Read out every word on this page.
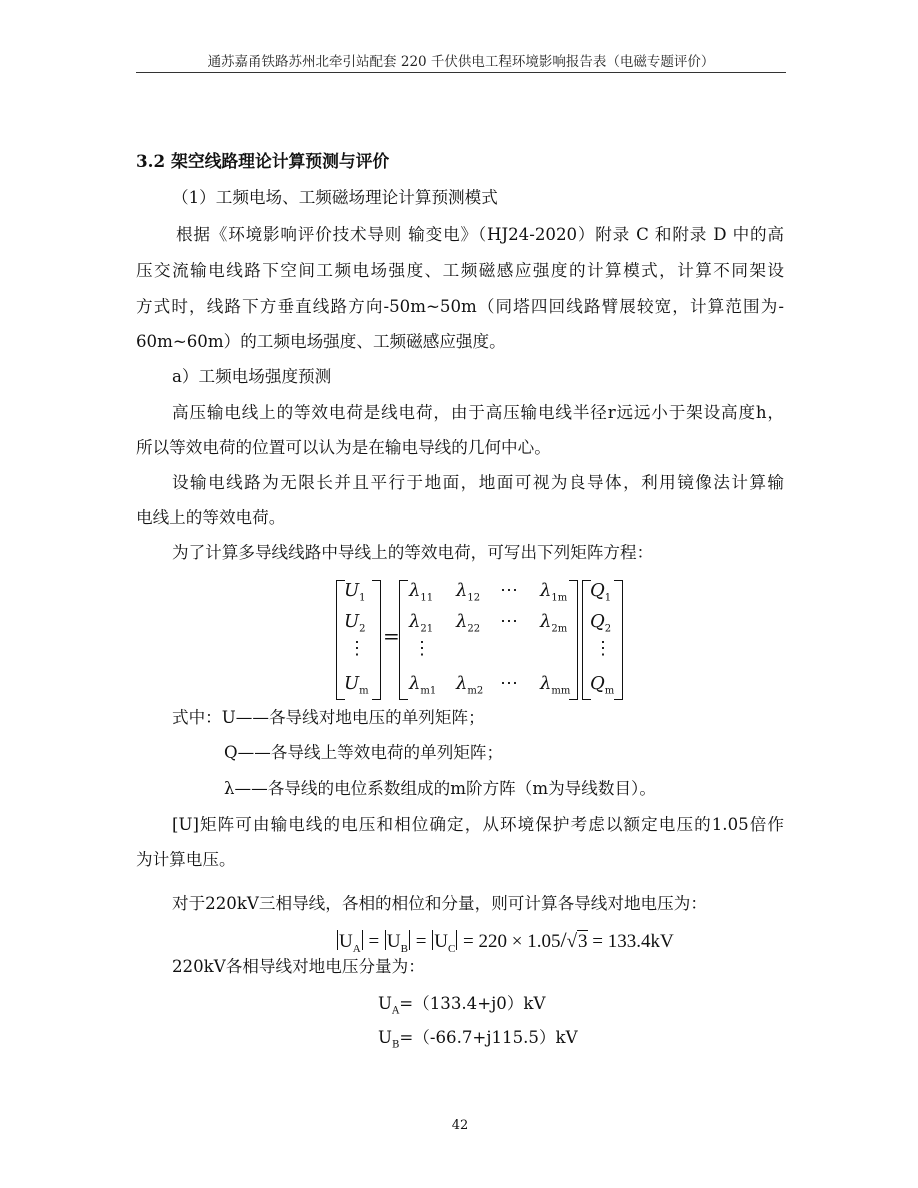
通苏嘉甬铁路苏州北牵引站配套 220 千伏供电工程环境影响报告表（电磁专题评价）
3.2 架空线路理论计算预测与评价
（1）工频电场、工频磁场理论计算预测模式
根据《环境影响评价技术导则 输变电》（HJ24-2020）附录 C 和附录 D 中的高
压交流输电线路下空间工频电场强度、工频磁感应强度的计算模式，计算不同架设
方式时，线路下方垂直线路方向-50m~50m（同塔四回线路臂展较宽，计算范围为-
60m~60m）的工频电场强度、工频磁感应强度。
a）工频电场强度预测
高压输电线上的等效电荷是线电荷，由于高压输电线半径r远远小于架设高度h，
所以等效电荷的位置可以认为是在输电导线的几何中心。
设输电线路为无限长并且平行于地面，地面可视为良导体，利用镜像法计算输
电线上的等效电荷。
为了计算多导线线路中导线上的等效电荷，可写出下列矩阵方程：
$U_1$
$U_2$
⋮
$U_m$
=
$\lambda_{11}$ $\lambda_{12}$ ⋯ $\lambda_{1m}$
$\lambda_{21}$ $\lambda_{22}$ ⋯ $\lambda_{2m}$
⋮
$\lambda_{m1}$ $\lambda_{m2}$ ⋯ $\lambda_{mm}$
$Q_1$
$Q_2$
⋮
$Q_m$
式中：U——各导线对地电压的单列矩阵；
Q——各导线上等效电荷的单列矩阵；
λ——各导线的电位系数组成的m阶方阵（m为导线数目）。
[U]矩阵可由输电线的电压和相位确定，从环境保护考虑以额定电压的1.05倍作
为计算电压。
对于220kV三相导线，各相的相位和分量，则可计算各导线对地电压为：
$U_A = U_B = U_C = 220 \times 1.05/√3 = 133.4kV$
220kV各相导线对地电压分量为：
$U_A=(133.4+j0)kV$
$U_B=(-66.7+j115.5)kV$
42
